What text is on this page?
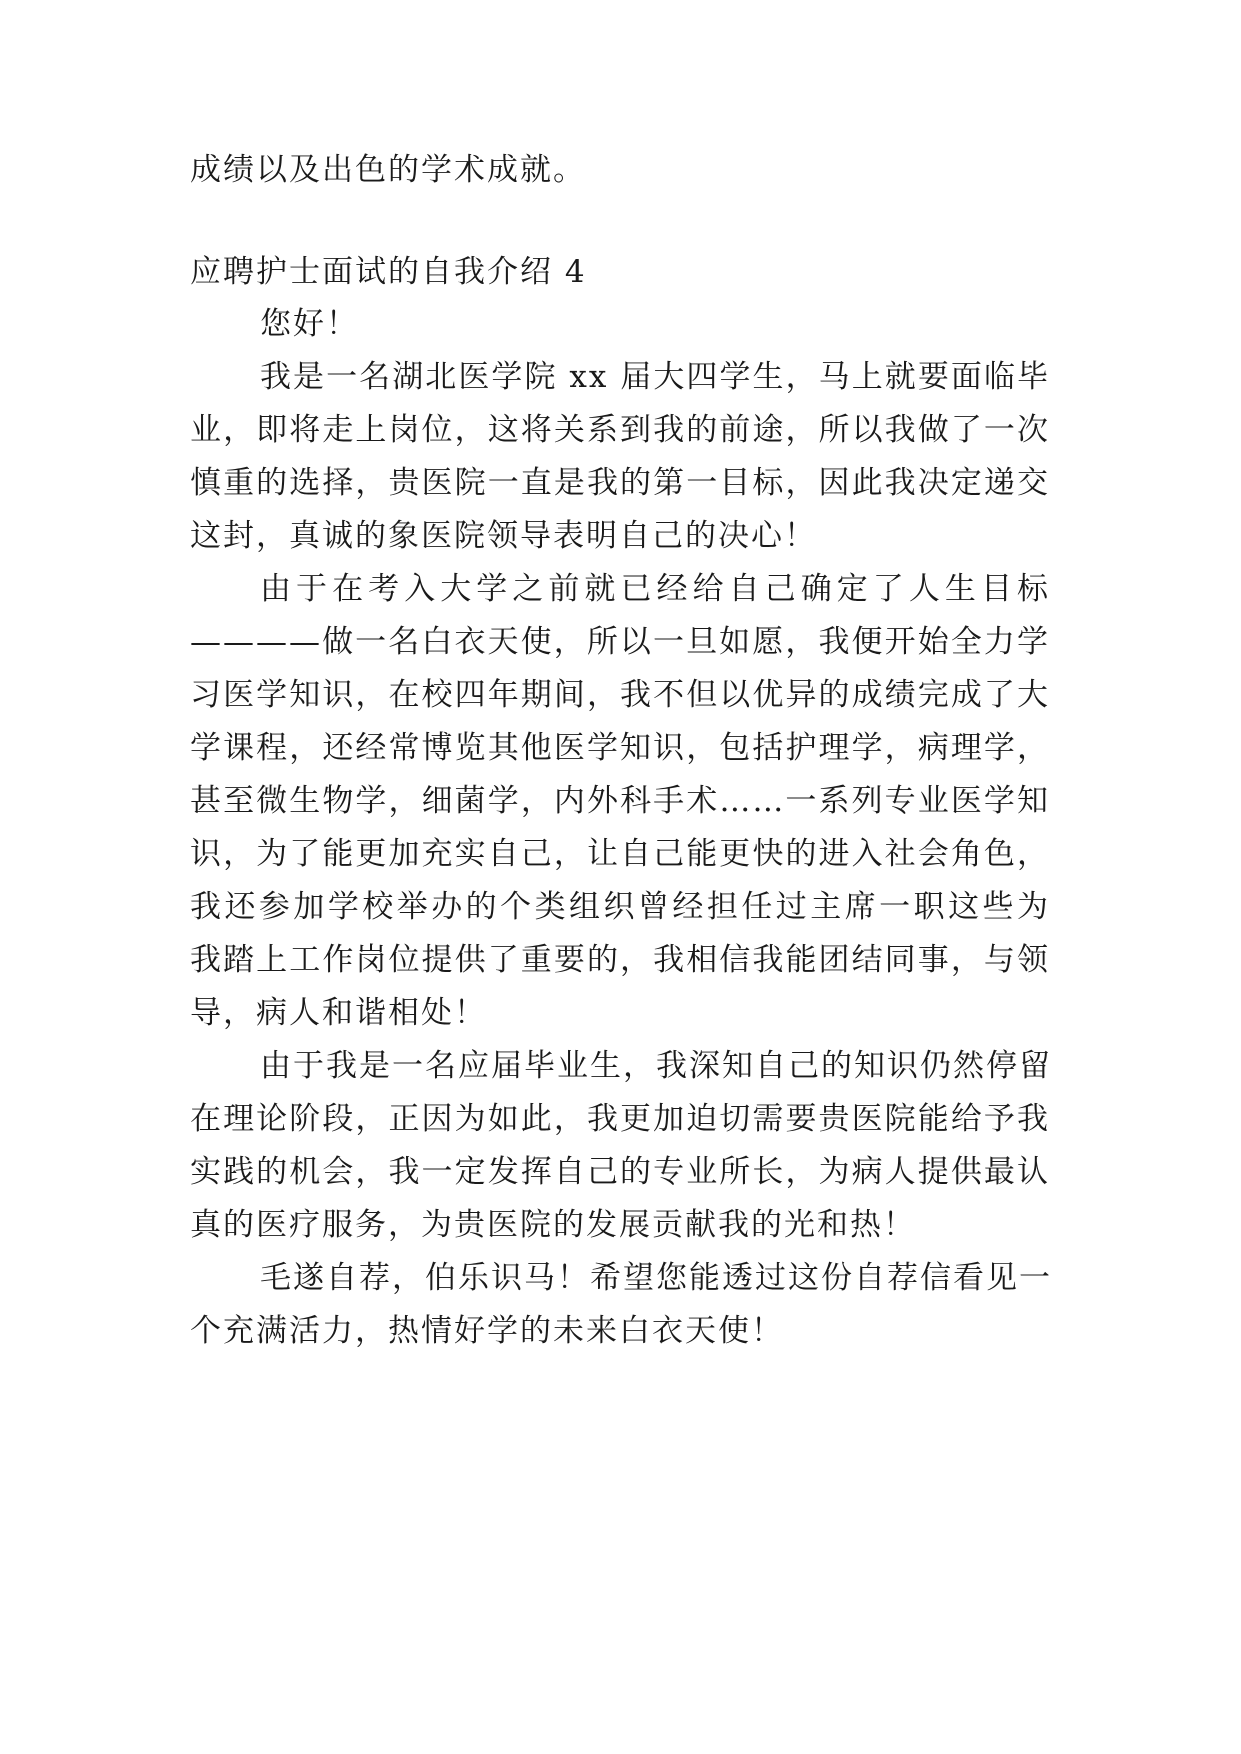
成绩以及出色的学术成就。
应聘护士面试的自我介绍 4
您好！
我是一名湖北医学院 xx 届大四学生，马上就要面临毕
业，即将走上岗位，这将关系到我的前途，所以我做了一次
慎重的选择，贵医院一直是我的第一目标，因此我决定递交
这封，真诚的象医院领导表明自己的决心！
由于在考入大学之前就已经给自己确定了人生目标
————做一名白衣天使，所以一旦如愿，我便开始全力学
习医学知识，在校四年期间，我不但以优异的成绩完成了大
学课程，还经常博览其他医学知识，包括护理学，病理学，
甚至微生物学，细菌学，内外科手术……一系列专业医学知
识，为了能更加充实自己，让自己能更快的进入社会角色，
我还参加学校举办的个类组织曾经担任过主席一职这些为
我踏上工作岗位提供了重要的，我相信我能团结同事，与领
导，病人和谐相处！
由于我是一名应届毕业生，我深知自己的知识仍然停留
在理论阶段，正因为如此，我更加迫切需要贵医院能给予我
实践的机会，我一定发挥自己的专业所长，为病人提供最认
真的医疗服务，为贵医院的发展贡献我的光和热！
毛遂自荐，伯乐识马！希望您能透过这份自荐信看见一
个充满活力，热情好学的未来白衣天使！
